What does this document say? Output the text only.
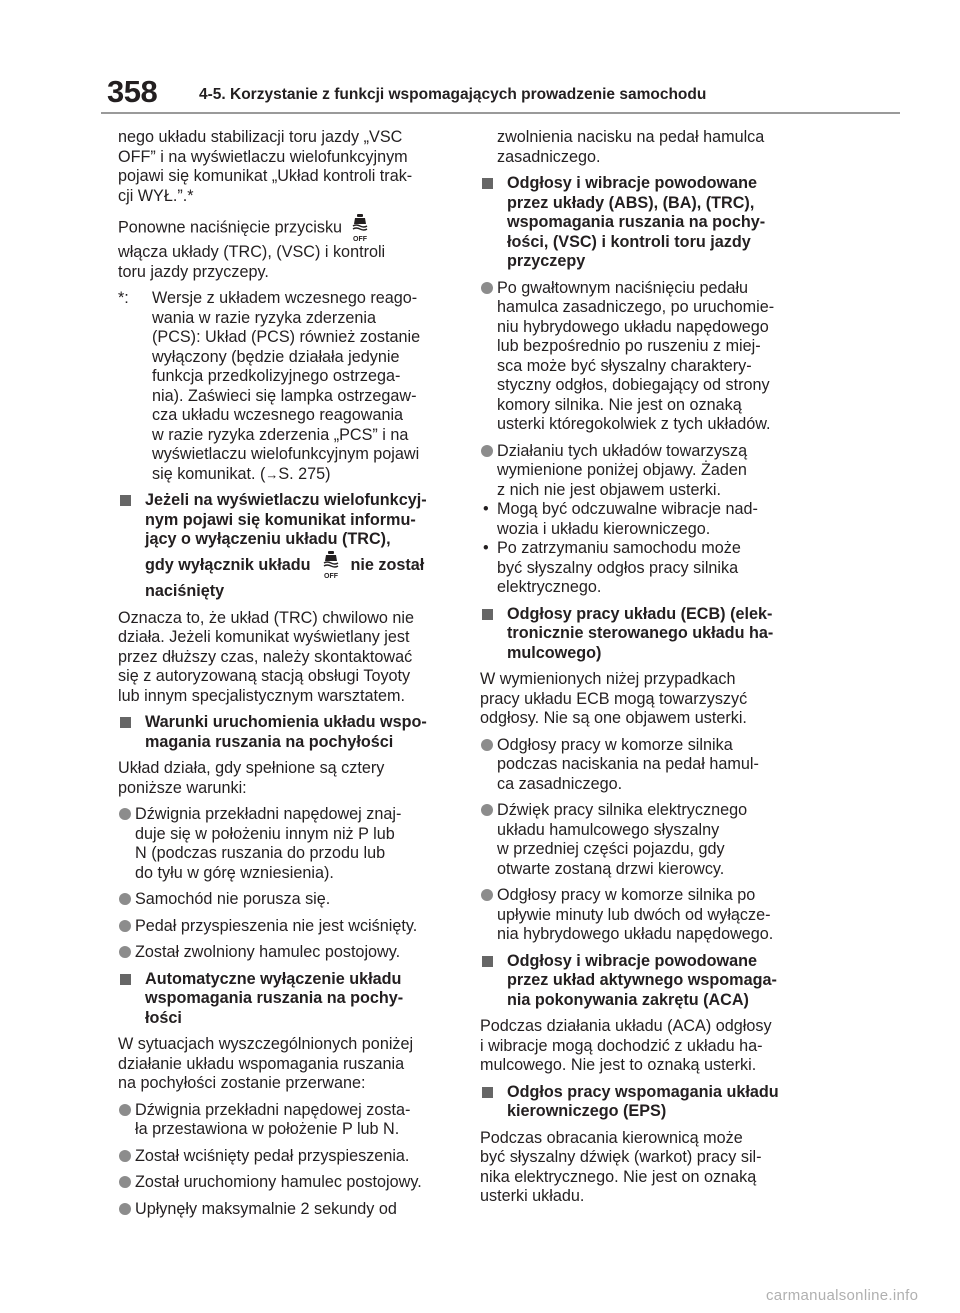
358	4-5. Korzystanie z funkcji wspomagających prowadzenie samochodu
nego układu stabilizacji toru jazdy „VSC
OFF” i na wyświetlaczu wielofunkcyjnym
pojawi się komunikat „Układ kontroli trak-
cji WYŁ.”.*
Ponowne naciśnięcie przycisku
OFF
włącza układy (TRC), (VSC) i kontroli
toru jazdy przyczepy.
*: Wersje z układem wczesnego reago-
wania w razie ryzyka zderzenia
(PCS): Układ (PCS) również zostanie
wyłączony (będzie działała jedynie
funkcja przedkolizyjnego ostrzega-
nia). Zaświeci się lampka ostrzegaw-
cza układu wczesnego reagowania
w razie ryzyka zderzenia „PCS” i na
wyświetlaczu wielofunkcyjnym pojawi
się komunikat. (→S. 275)
Jeżeli na wyświetlaczu wielofunkcyj-
nym pojawi się komunikat informu-
jący o wyłączeniu układu (TRC),
gdy wyłącznik układu
OFF
nie został
naciśnięty
Oznacza to, że układ (TRC) chwilowo nie
działa. Jeżeli komunikat wyświetlany jest
przez dłuższy czas, należy skontaktować
się z autoryzowaną stacją obsługi Toyoty
lub innym specjalistycznym warsztatem.
Warunki uruchomienia układu wspo-
magania ruszania na pochyłości
Układ działa, gdy spełnione są cztery
poniższe warunki:
Dźwignia przekładni napędowej znaj-
duje się w położeniu innym niż P lub
N (podczas ruszania do przodu lub
do tyłu w górę wzniesienia).
Samochód nie porusza się.
Pedał przyspieszenia nie jest wciśnięty.
Został zwolniony hamulec postojowy.
Automatyczne wyłączenie układu
wspomagania ruszania na pochy-
łości
W sytuacjach wyszczególnionych poniżej
działanie układu wspomagania ruszania
na pochyłości zostanie przerwane:
Dźwignia przekładni napędowej zosta-
ła przestawiona w położenie P lub N.
Został wciśnięty pedał przyspieszenia.
Został uruchomiony hamulec postojowy.
Upłynęły maksymalnie 2 sekundy od
zwolnienia nacisku na pedał hamulca
zasadniczego.
Odgłosy i wibracje powodowane
przez układy (ABS), (BA), (TRC),
wspomagania ruszania na pochy-
łości, (VSC) i kontroli toru jazdy
przyczepy
Po gwałtownym naciśnięciu pedału
hamulca zasadniczego, po uruchomie-
niu hybrydowego układu napędowego
lub bezpośrednio po ruszeniu z miej-
sca może być słyszalny charaktery-
styczny odgłos, dobiegający od strony
komory silnika. Nie jest on oznaką
usterki któregokolwiek z tych układów.
Działaniu tych układów towarzyszą
wymienione poniżej objawy. Żaden
z nich nie jest objawem usterki.
• Mogą być odczuwalne wibracje nad-
wozia i układu kierowniczego.
• Po zatrzymaniu samochodu może
być słyszalny odgłos pracy silnika
elektrycznego.
Odgłosy pracy układu (ECB) (elek-
tronicznie sterowanego układu ha-
mulcowego)
W wymienionych niżej przypadkach
pracy układu ECB mogą towarzyszyć
odgłosy. Nie są one objawem usterki.
Odgłosy pracy w komorze silnika
podczas naciskania na pedał hamul-
ca zasadniczego.
Dźwięk pracy silnika elektrycznego
układu hamulcowego słyszalny
w przedniej części pojazdu, gdy
otwarte zostaną drzwi kierowcy.
Odgłosy pracy w komorze silnika po
upływie minuty lub dwóch od wyłącze-
nia hybrydowego układu napędowego.
Odgłosy i wibracje powodowane
przez układ aktywnego wspomaga-
nia pokonywania zakrętu (ACA)
Podczas działania układu (ACA) odgłosy
i wibracje mogą dochodzić z układu ha-
mulcowego. Nie jest to oznaką usterki.
Odgłos pracy wspomagania układu
kierowniczego (EPS)
Podczas obracania kierownicą może
być słyszalny dźwięk (warkot) pracy sil-
nika elektrycznego. Nie jest on oznaką
usterki układu.
carmanualsonline.info
